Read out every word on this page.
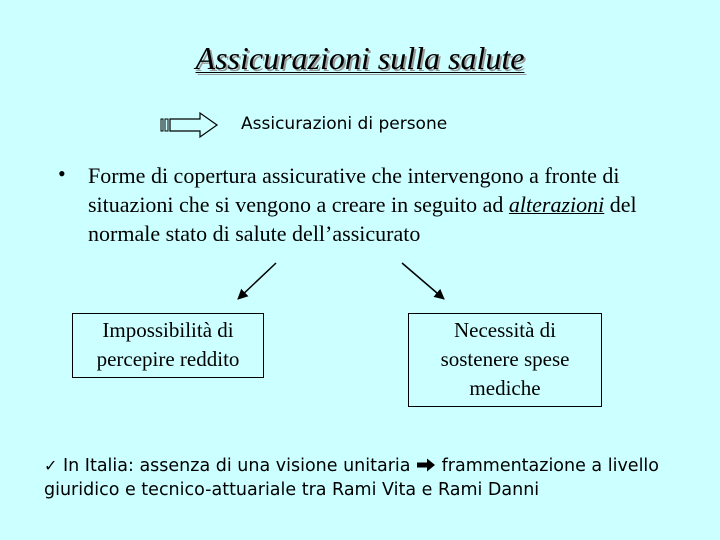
Assicurazioni sulla salute
Assicurazioni di persone
• Forme di copertura assicurative che intervengono a fronte di situazioni che si vengono a creare in seguito ad alterazioni del normale stato di salute dell’assicurato
Impossibilità di
percepire reddito
Necessità di
sostenere spese
mediche
✓ In Italia: assenza di una visione unitaria frammentazione a livello giuridico e tecnico-attuariale tra Rami Vita e Rami Danni
